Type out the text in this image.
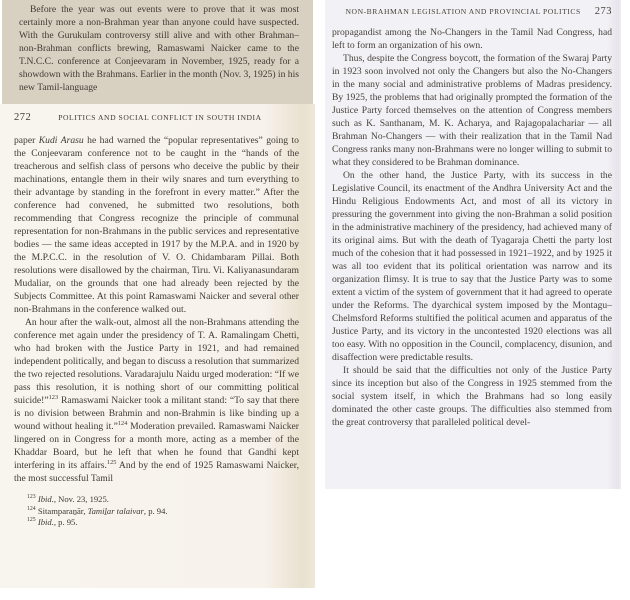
Before the year was out events were to prove that it was most certainly more a non-Brahman year than anyone could have suspected. With the Gurukulam controversy still alive and with other Brahman–non-Brahman conflicts brewing, Ramaswami Naicker came to the T.N.C.C. conference at Conjeevaram in November, 1925, ready for a showdown with the Brahmans. Earlier in the month (Nov. 3, 1925) in his new Tamil-language

272	POLITICS AND SOCIAL CONFLICT IN SOUTH INDIA

paper Kudi Arasu he had warned the “popular representatives” going to the Conjeevaram conference not to be caught in the “hands of the treacherous and selfish class of persons who deceive the public by their machinations, entangle them in their wily snares and turn everything to their advantage by standing in the forefront in every matter.” After the conference had convened, he submitted two resolutions, both recommending that Congress recognize the principle of communal representation for non-Brahmans in the public services and representative bodies — the same ideas accepted in 1917 by the M.P.A. and in 1920 by the M.P.C.C. in the resolution of V. O. Chidambaram Pillai. Both resolutions were disallowed by the chairman, Tiru. Vi. Kaliyanasundaram Mudaliar, on the grounds that one had already been rejected by the Subjects Committee. At this point Ramaswami Naicker and several other non-Brahmans in the conference walked out.

An hour after the walk-out, almost all the non-Brahmans attending the conference met again under the presidency of T. A. Ramalingam Chetti, who had broken with the Justice Party in 1921, and had remained independent politically, and began to discuss a resolution that summarized the two rejected resolutions. Varadarajulu Naidu urged moderation: “If we pass this resolution, it is nothing short of our committing political suicide!”$^{123}$ Ramaswami Naicker took a militant stand: “To say that there is no division between Brahmin and non-Brahmin is like binding up a wound without healing it.”$^{124}$ Moderation prevailed. Ramaswami Naicker lingered on in Congress for a month more, acting as a member of the Khaddar Board, but he left that when he found that Gandhi kept interfering in its affairs.$^{125}$ And by the end of 1925 Ramaswami Naicker, the most successful Tamil

$^{123}$ Ibid., Nov. 23, 1925.

$^{124}$ Sitamparaṉār, Tamiḻar talaivar, p. 94.

$^{125}$ Ibid., p. 95.

NON-BRAHMAN LEGISLATION AND PROVINCIAL POLITICS 273

propagandist among the No-Changers in the Tamil Nad Congress, had left to form an organization of his own.

Thus, despite the Congress boycott, the formation of the Swaraj Party in 1923 soon involved not only the Changers but also the No-Changers in the many social and administrative problems of Madras presidency. By 1925, the problems that had originally prompted the formation of the Justice Party forced themselves on the attention of Congress members such as K. Santhanam, M. K. Acharya, and Rajagopalachariar — all Brahman No-Changers — with their realization that in the Tamil Nad Congress ranks many non-Brahmans were no longer willing to submit to what they considered to be Brahman dominance.

On the other hand, the Justice Party, with its success in the Legislative Council, its enactment of the Andhra University Act and the Hindu Religious Endowments Act, and most of all its victory in pressuring the government into giving the non-Brahman a solid position in the administrative machinery of the presidency, had achieved many of its original aims. But with the death of Tyagaraja Chetti the party lost much of the cohesion that it had possessed in 1921–1922, and by 1925 it was all too evident that its political orientation was narrow and its organization flimsy. It is true to say that the Justice Party was to some extent a victim of the system of government that it had agreed to operate under the Reforms. The dyarchical system imposed by the Montagu–Chelmsford Reforms stultified the political acumen and apparatus of the Justice Party, and its victory in the uncontested 1920 elections was all too easy. With no opposition in the Council, complacency, disunion, and disaffection were predictable results.

It should be said that the difficulties not only of the Justice Party since its inception but also of the Congress in 1925 stemmed from the social system itself, in which the Brahmans had so long easily dominated the other caste groups. The difficulties also stemmed from the great controversy that paralleled political devel-
